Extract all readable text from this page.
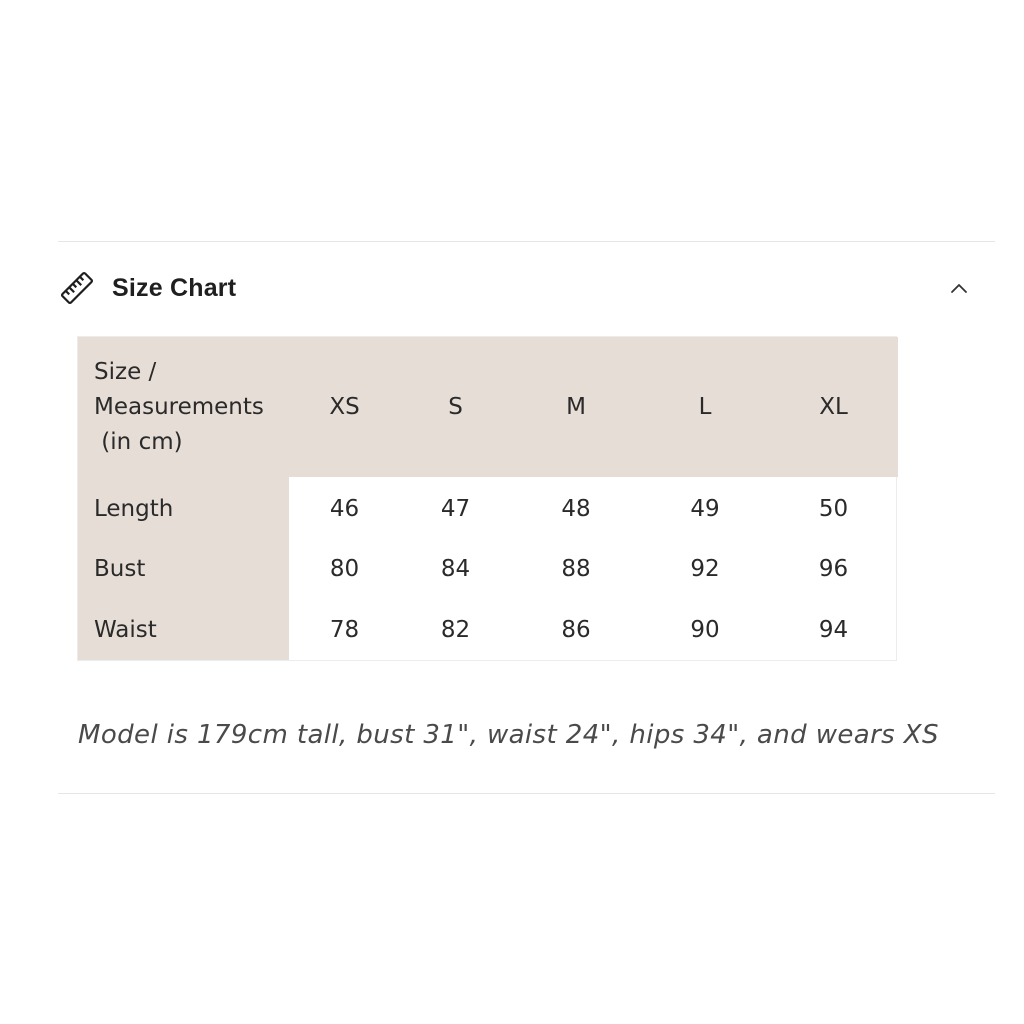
Size Chart
Size /
Measurements
(in cm)	XS	S	M	L	XL
Length	46	47	48	49	50
Bust	80	84	88	92	96
Waist	78	82	86	90	94
Model is 179cm tall, bust 31", waist 24", hips 34", and wears XS
